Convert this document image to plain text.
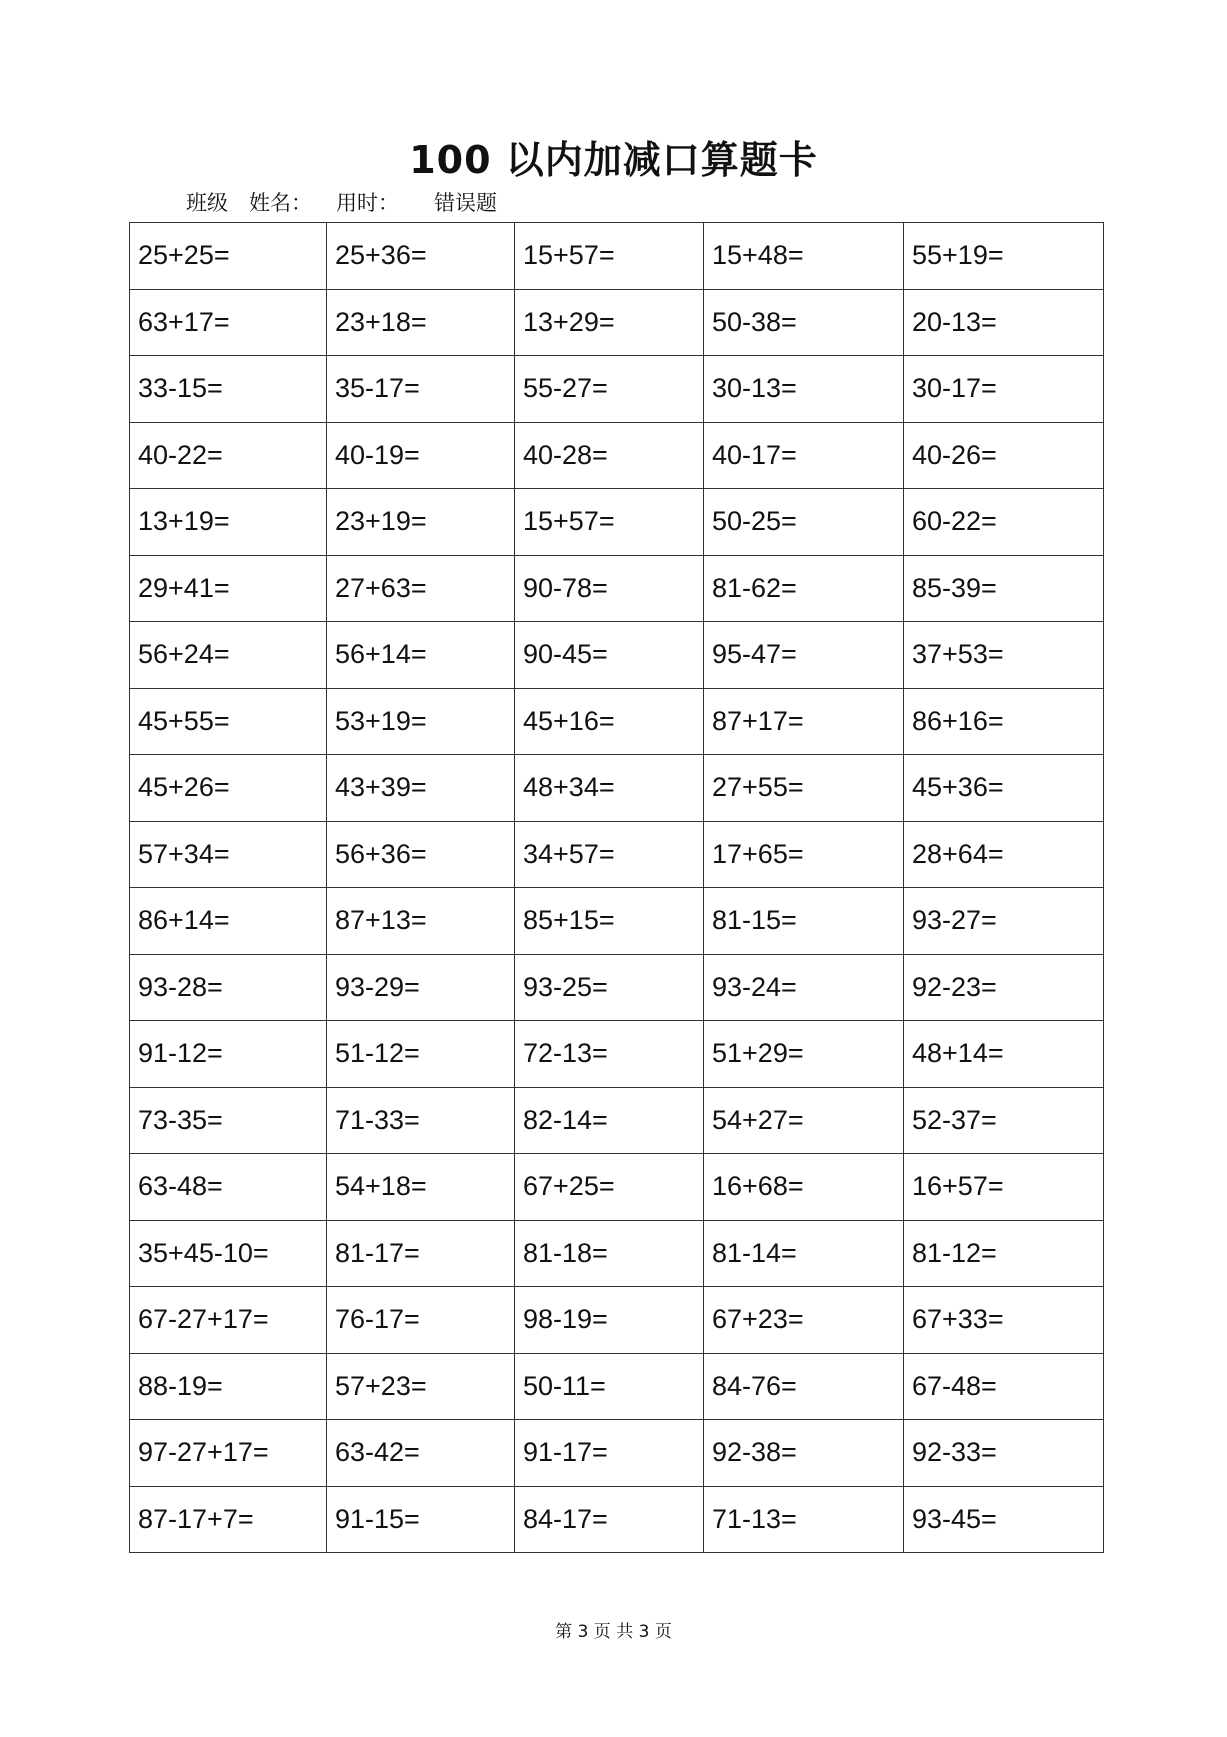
100 以内加减口算题卡
班级 姓名： 用时： 错误题
25+25=	25+36=	15+57=	15+48=	55+19=
63+17=	23+18=	13+29=	50-38=	20-13=
33-15=	35-17=	55-27=	30-13=	30-17=
40-22=	40-19=	40-28=	40-17=	40-26=
13+19=	23+19=	15+57=	50-25=	60-22=
29+41=	27+63=	90-78=	81-62=	85-39=
56+24=	56+14=	90-45=	95-47=	37+53=
45+55=	53+19=	45+16=	87+17=	86+16=
45+26=	43+39=	48+34=	27+55=	45+36=
57+34=	56+36=	34+57=	17+65=	28+64=
86+14=	87+13=	85+15=	81-15=	93-27=
93-28=	93-29=	93-25=	93-24=	92-23=
91-12=	51-12=	72-13=	51+29=	48+14=
73-35=	71-33=	82-14=	54+27=	52-37=
63-48=	54+18=	67+25=	16+68=	16+57=
35+45-10=	81-17=	81-18=	81-14=	81-12=
67-27+17=	76-17=	98-19=	67+23=	67+33=
88-19=	57+23=	50-11=	84-76=	67-48=
97-27+17=	63-42=	91-17=	92-38=	92-33=
87-17+7=	91-15=	84-17=	71-13=	93-45=
第 3 页 共 3 页
